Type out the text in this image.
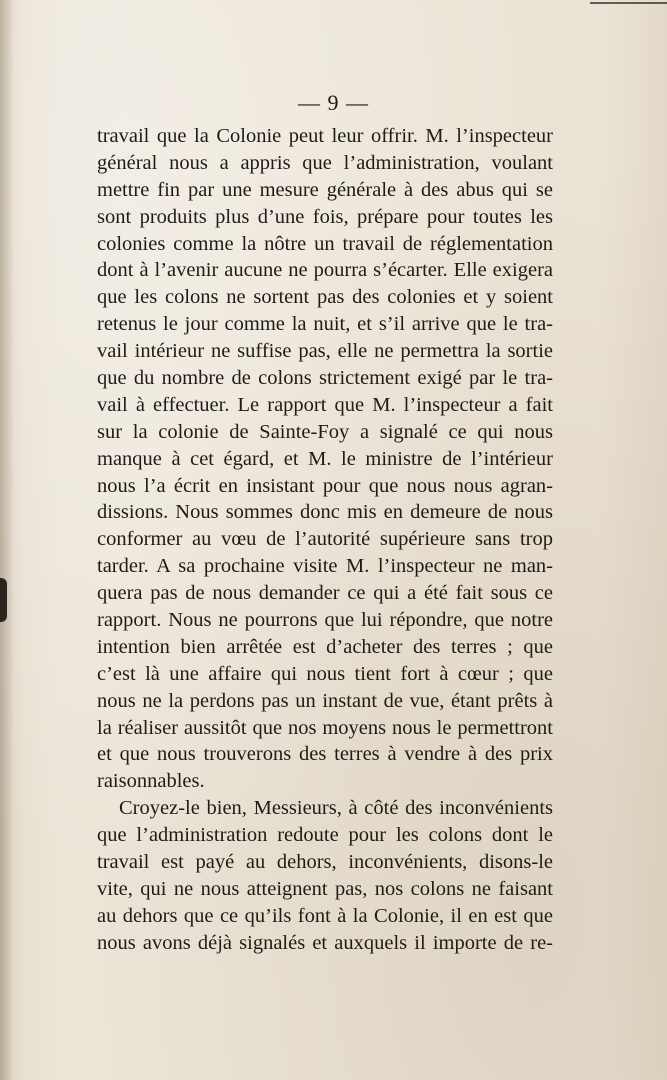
— 9 —
travail que la Colonie peut leur offrir. M. l’inspecteur
général nous a appris que l’administration, voulant
mettre fin par une mesure générale à des abus qui se
sont produits plus d’une fois, prépare pour toutes les
colonies comme la nôtre un travail de réglementation
dont à l’avenir aucune ne pourra s’écarter. Elle exigera
que les colons ne sortent pas des colonies et y soient
retenus le jour comme la nuit, et s’il arrive que le tra-
vail intérieur ne suffise pas, elle ne permettra la sortie
que du nombre de colons strictement exigé par le tra-
vail à effectuer. Le rapport que M. l’inspecteur a fait
sur la colonie de Sainte-Foy a signalé ce qui nous
manque à cet égard, et M. le ministre de l’intérieur
nous l’a écrit en insistant pour que nous nous agran-
dissions. Nous sommes donc mis en demeure de nous
conformer au vœu de l’autorité supérieure sans trop
tarder. A sa prochaine visite M. l’inspecteur ne man-
quera pas de nous demander ce qui a été fait sous ce
rapport. Nous ne pourrons que lui répondre, que notre
intention bien arrêtée est d’acheter des terres ; que
c’est là une affaire qui nous tient fort à cœur ; que
nous ne la perdons pas un instant de vue, étant prêts à
la réaliser aussitôt que nos moyens nous le permettront
et que nous trouverons des terres à vendre à des prix
raisonnables.
Croyez-le bien, Messieurs, à côté des inconvénients
que l’administration redoute pour les colons dont le
travail est payé au dehors, inconvénients, disons-le
vite, qui ne nous atteignent pas, nos colons ne faisant
au dehors que ce qu’ils font à la Colonie, il en est que
nous avons déjà signalés et auxquels il importe de re-
